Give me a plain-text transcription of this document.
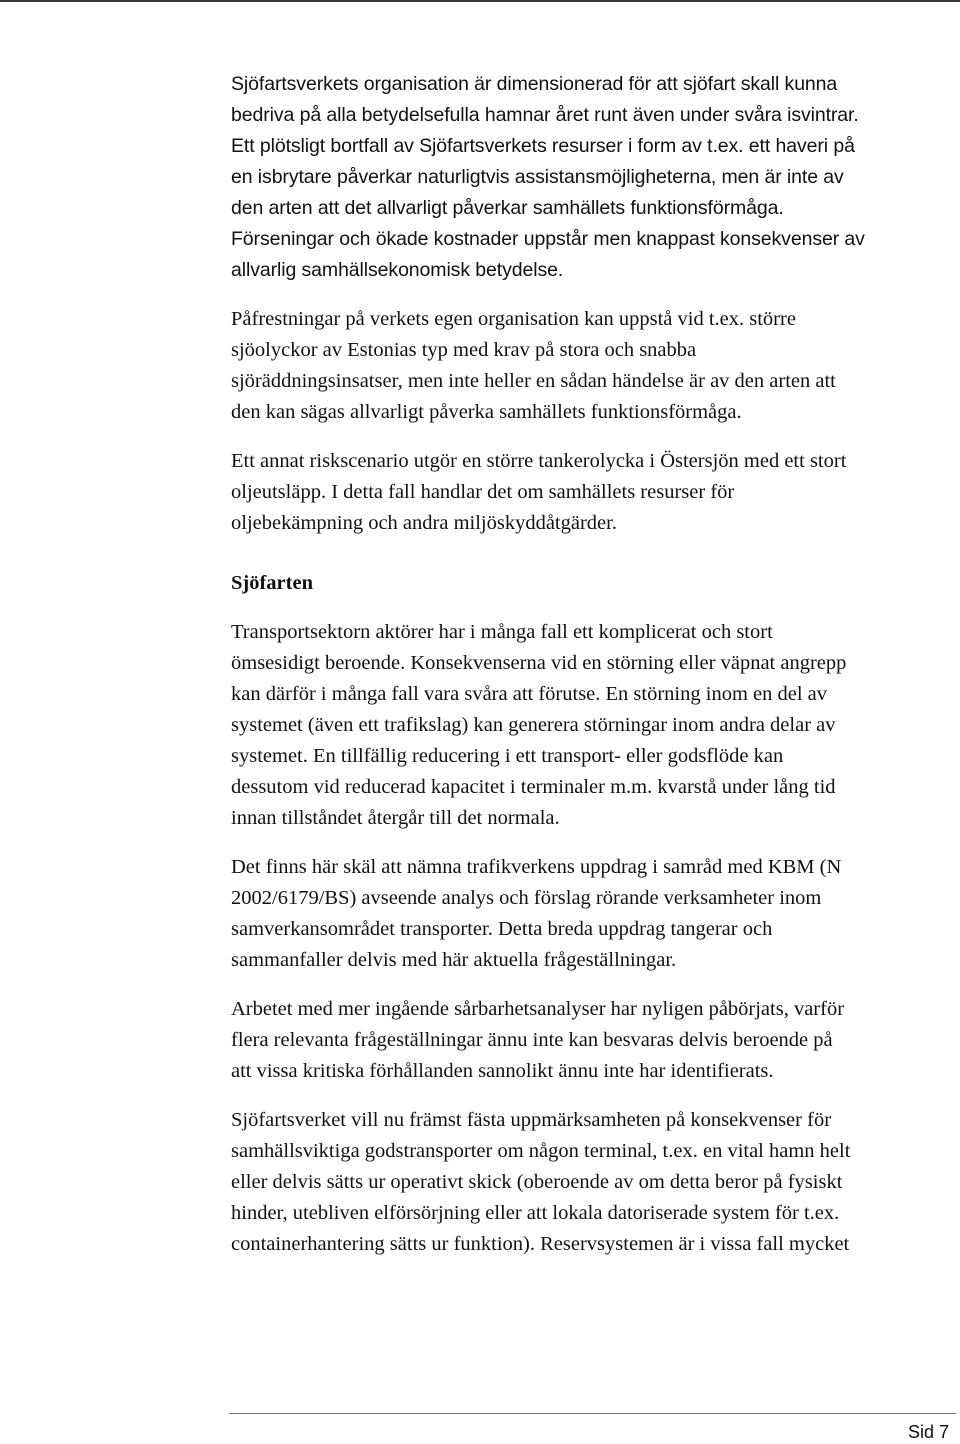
Sjöfartsverkets organisation är dimensionerad för att sjöfart skall kunna
bedriva på alla betydelsefulla hamnar året runt även under svåra isvintrar.
Ett plötsligt bortfall av Sjöfartsverkets resurser i form av t.ex. ett haveri på
en isbrytare påverkar naturligtvis assistansmöjligheterna, men är inte av
den arten att det allvarligt påverkar samhällets funktionsförmåga.
Förseningar och ökade kostnader uppstår men knappast konsekvenser av
allvarlig samhällsekonomisk betydelse.

Påfrestningar på verkets egen organisation kan uppstå vid t.ex. större
sjöolyckor av Estonias typ med krav på stora och snabba
sjöräddningsinsatser, men inte heller en sådan händelse är av den arten att
den kan sägas allvarligt påverka samhällets funktionsförmåga.

Ett annat riskscenario utgör en större tankerolycka i Östersjön med ett stort
oljeutsläpp. I detta fall handlar det om samhällets resurser för
oljebekämpning och andra miljöskyddåtgärder.

Sjöfarten

Transportsektorn aktörer har i många fall ett komplicerat och stort
ömsesidigt beroende. Konsekvenserna vid en störning eller väpnat angrepp
kan därför i många fall vara svåra att förutse. En störning inom en del av
systemet (även ett trafikslag) kan generera störningar inom andra delar av
systemet. En tillfällig reducering i ett transport- eller godsflöde kan
dessutom vid reducerad kapacitet i terminaler m.m. kvarstå under lång tid
innan tillståndet återgår till det normala.

Det finns här skäl att nämna trafikverkens uppdrag i samråd med KBM (N
2002/6179/BS) avseende analys och förslag rörande verksamheter inom
samverkansområdet transporter. Detta breda uppdrag tangerar och
sammanfaller delvis med här aktuella frågeställningar.

Arbetet med mer ingående sårbarhetsanalyser har nyligen påbörjats, varför
flera relevanta frågeställningar ännu inte kan besvaras delvis beroende på
att vissa kritiska förhållanden sannolikt ännu inte har identifierats.

Sjöfartsverket vill nu främst fästa uppmärksamheten på konsekvenser för
samhällsviktiga godstransporter om någon terminal, t.ex. en vital hamn helt
eller delvis sätts ur operativt skick (oberoende av om detta beror på fysiskt
hinder, utebliven elförsörjning eller att lokala datoriserade system för t.ex.
containerhantering sätts ur funktion). Reservsystemen är i vissa fall mycket

Sid 7
